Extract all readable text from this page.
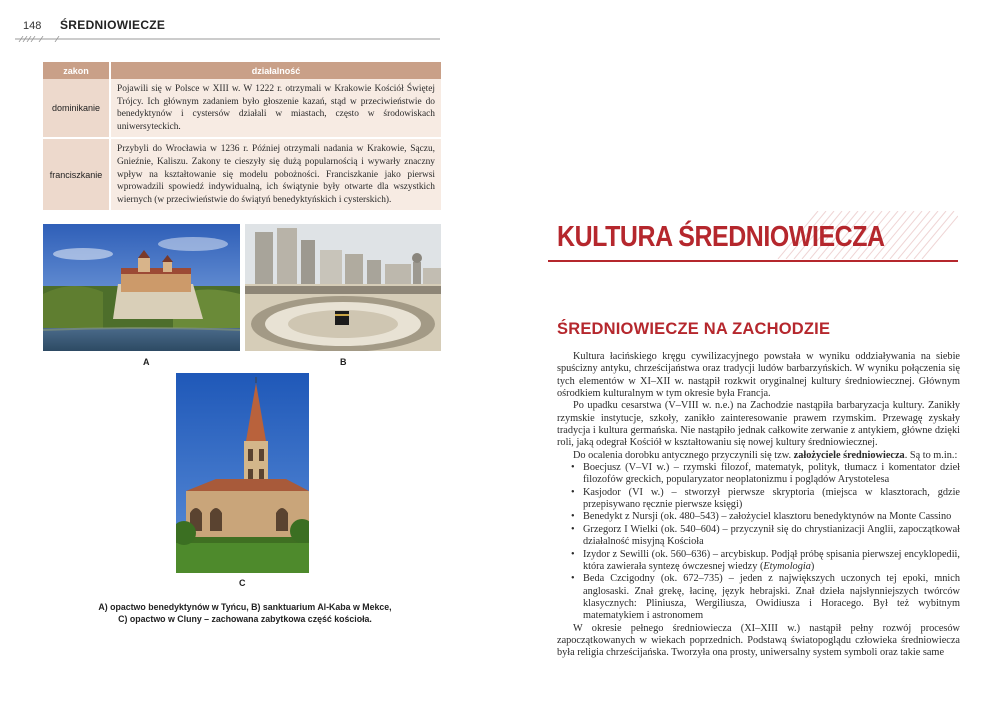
148 ŚREDNIOWIECZE
zakon	działalność
dominikanie	Pojawili się w Polsce w XIII w. W 1222 r. otrzymali w Krakowie Kościół Świętej Trójcy. Ich głównym zadaniem było głoszenie kazań, stąd w przeciwieństwie do benedyktynów i cystersów działali w miastach, często w środowiskach uniwersyteckich.
franciszkanie	Przybyli do Wrocławia w 1236 r. Później otrzymali nadania w Krakowie, Sączu, Gnieźnie, Kaliszu. Zakony te cieszyły się dużą popularnością i wywarły znaczny wpływ na kształtowanie się modelu pobożności. Franciszkanie jako pierwsi wprowadzili spowiedź indywidualną, ich świątynie były otwarte dla wszystkich wiernych (w przeciwieństwie do świątyń benedyktyńskich i cysterskich).
A	B
C
A) opactwo benedyktynów w Tyńcu, B) sanktuarium Al-Kaba w Mekce,
C) opactwo w Cluny – zachowana zabytkowa część kościoła.
KULTURA ŚREDNIOWIECZA
ŚREDNIOWIECZE NA ZACHODZIE

Kultura łacińskiego kręgu cywilizacyjnego powstała w wyniku oddziaływania na siebie spuścizny antyku, chrześcijaństwa oraz tradycji ludów barbarzyńskich. W wyniku połączenia się tych elementów w XI–XII w. nastąpił rozkwit oryginalnej kultury średniowiecznej. Głównym ośrodkiem kulturalnym w tym okresie była Francja.

Po upadku cesarstwa (V–VIII w. n.e.) na Zachodzie nastąpiła barbaryzacja kultury. Zanikły rzymskie instytucje, szkoły, zanikło zainteresowanie prawem rzymskim. Przewagę zyskały tradycja i kultura germańska. Nie nastąpiło jednak całkowite zerwanie z antykiem, główne dzięki roli, jaką odegrał Kościół w kształtowaniu się nowej kultury średniowiecznej.

Do ocalenia dorobku antycznego przyczynili się tzw. założyciele średniowiecza. Są to m.in.:

• Boecjusz (V–VI w.) – rzymski filozof, matematyk, polityk, tłumacz i komentator dzieł filozofów greckich, popularyzator neoplatonizmu i poglądów Arystotelesa
• Kasjodor (VI w.) – stworzył pierwsze skryptoria (miejsca w klasztorach, gdzie przepisywano ręcznie pierwsze księgi)
• Benedykt z Nursji (ok. 480–543) – założyciel klasztoru benedyktynów na Monte Cassino
• Grzegorz I Wielki (ok. 540–604) – przyczynił się do chrystianizacji Anglii, zapoczątkował działalność misyjną Kościoła
• Izydor z Sewilli (ok. 560–636) – arcybiskup. Podjął próbę spisania pierwszej encyklopedii, która zawierała syntezę ówczesnej wiedzy (Etymologia)
• Beda Czcigodny (ok. 672–735) – jeden z największych uczonych tej epoki, mnich anglosaski. Znał grekę, łacinę, język hebrajski. Znał dzieła najsłynniejszych twórców klasycznych: Pliniusza, Wergiliusza, Owidiusza i Horacego. Był też wybitnym matematykiem i astronomem

W okresie pełnego średniowiecza (XI–XIII w.) nastąpił pełny rozwój procesów zapoczątkowanych w wiekach poprzednich. Podstawą światopoglądu człowieka średniowiecza była religia chrześcijańska. Tworzyła ona prosty, uniwersalny system symboli oraz takie same
